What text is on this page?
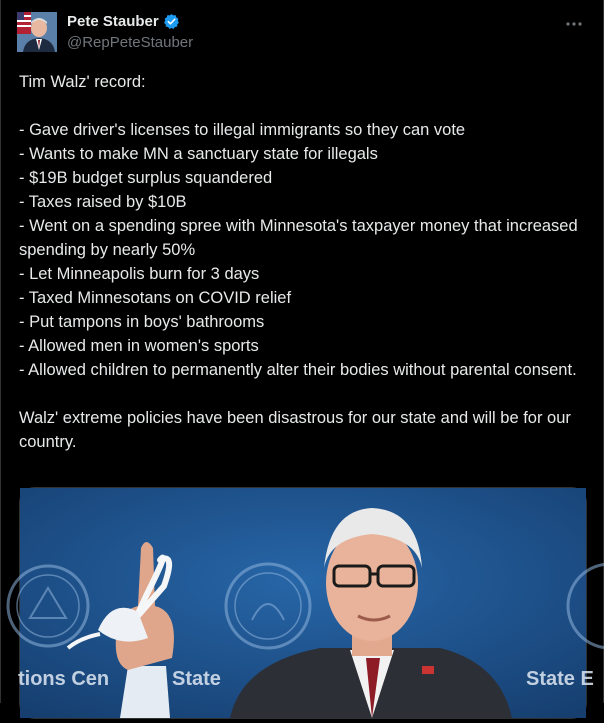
Pete Stauber
@RepPeteStauber
Tim Walz' record:

- Gave driver's licenses to illegal immigrants so they can vote
- Wants to make MN a sanctuary state for illegals
- $19B budget surplus squandered
- Taxes raised by $10B
- Went on a spending spree with Minnesota's taxpayer money that increased spending by nearly 50%
- Let Minneapolis burn for 3 days
- Taxed Minnesotans on COVID relief
- Put tampons in boys' bathrooms
- Allowed men in women's sports
- Allowed children to permanently alter their bodies without parental consent.

Walz' extreme policies have been disastrous for our state and will be for our country.
tions Cen	State	State E
